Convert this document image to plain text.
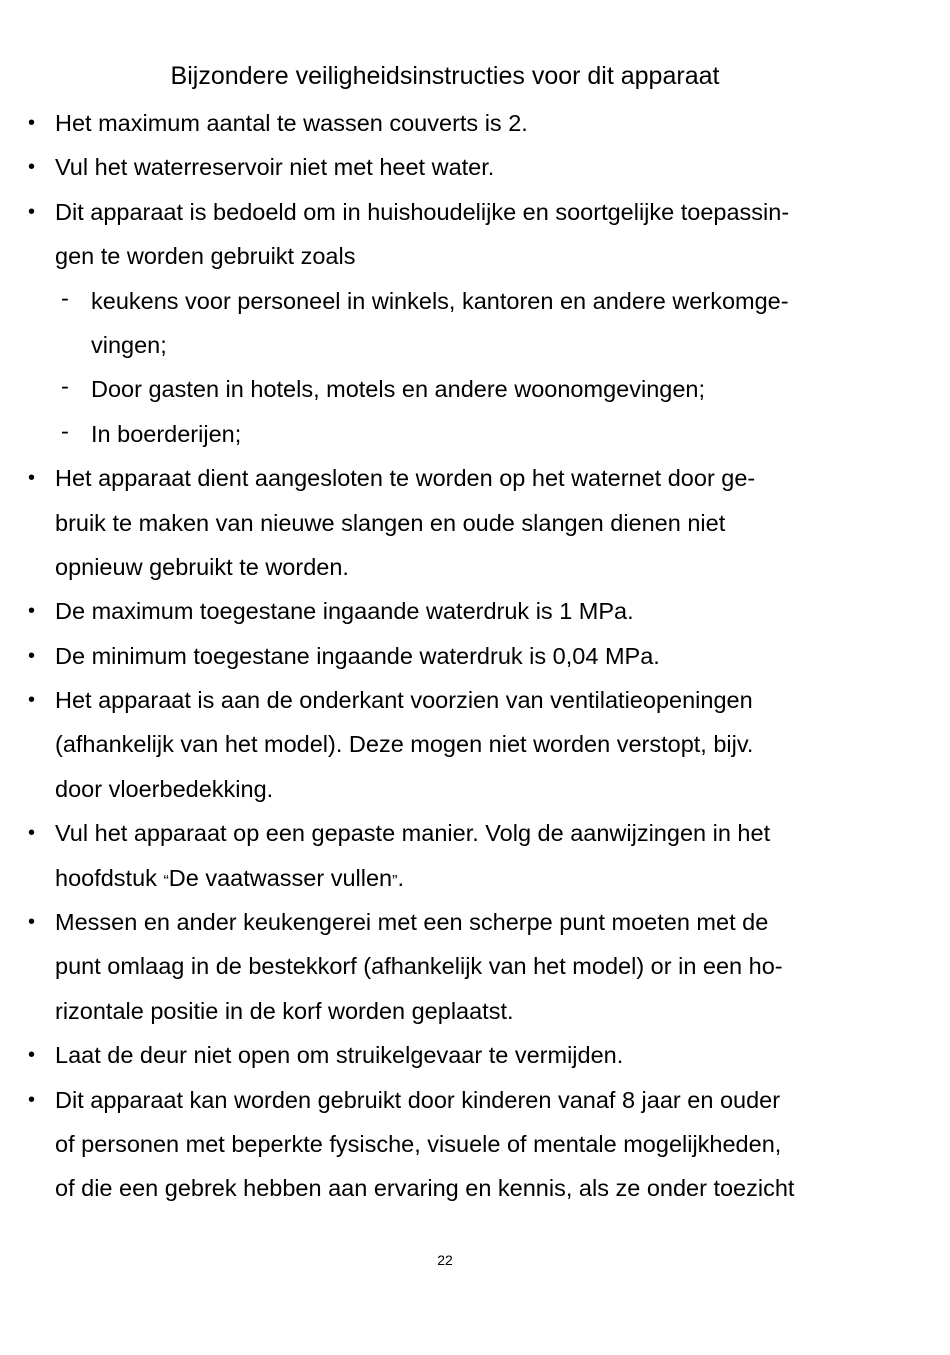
Bijzondere veiligheidsinstructies voor dit apparaat
• Het maximum aantal te wassen couverts is 2.
• Vul het waterreservoir niet met heet water.
• Dit apparaat is bedoeld om in huishoudelijke en soortgelijke toepassin-
gen te worden gebruikt zoals
- keukens voor personeel in winkels, kantoren en andere werkomge-
vingen;
- Door gasten in hotels, motels en andere woonomgevingen;
- In boerderijen;
• Het apparaat dient aangesloten te worden op het waternet door ge-
bruik te maken van nieuwe slangen en oude slangen dienen niet
opnieuw gebruikt te worden.
• De maximum toegestane ingaande waterdruk is 1 MPa.
• De minimum toegestane ingaande waterdruk is 0,04 MPa.
• Het apparaat is aan de onderkant voorzien van ventilatieopeningen
(afhankelijk van het model). Deze mogen niet worden verstopt, bijv.
door vloerbedekking.
• Vul het apparaat op een gepaste manier. Volg de aanwijzingen in het
hoofdstuk “De vaatwasser vullen”.
• Messen en ander keukengerei met een scherpe punt moeten met de
punt omlaag in de bestekkorf (afhankelijk van het model) or in een ho-
rizontale positie in de korf worden geplaatst.
• Laat de deur niet open om struikelgevaar te vermijden.
• Dit apparaat kan worden gebruikt door kinderen vanaf 8 jaar en ouder
of personen met beperkte fysische, visuele of mentale mogelijkheden,
of die een gebrek hebben aan ervaring en kennis, als ze onder toezicht
22
